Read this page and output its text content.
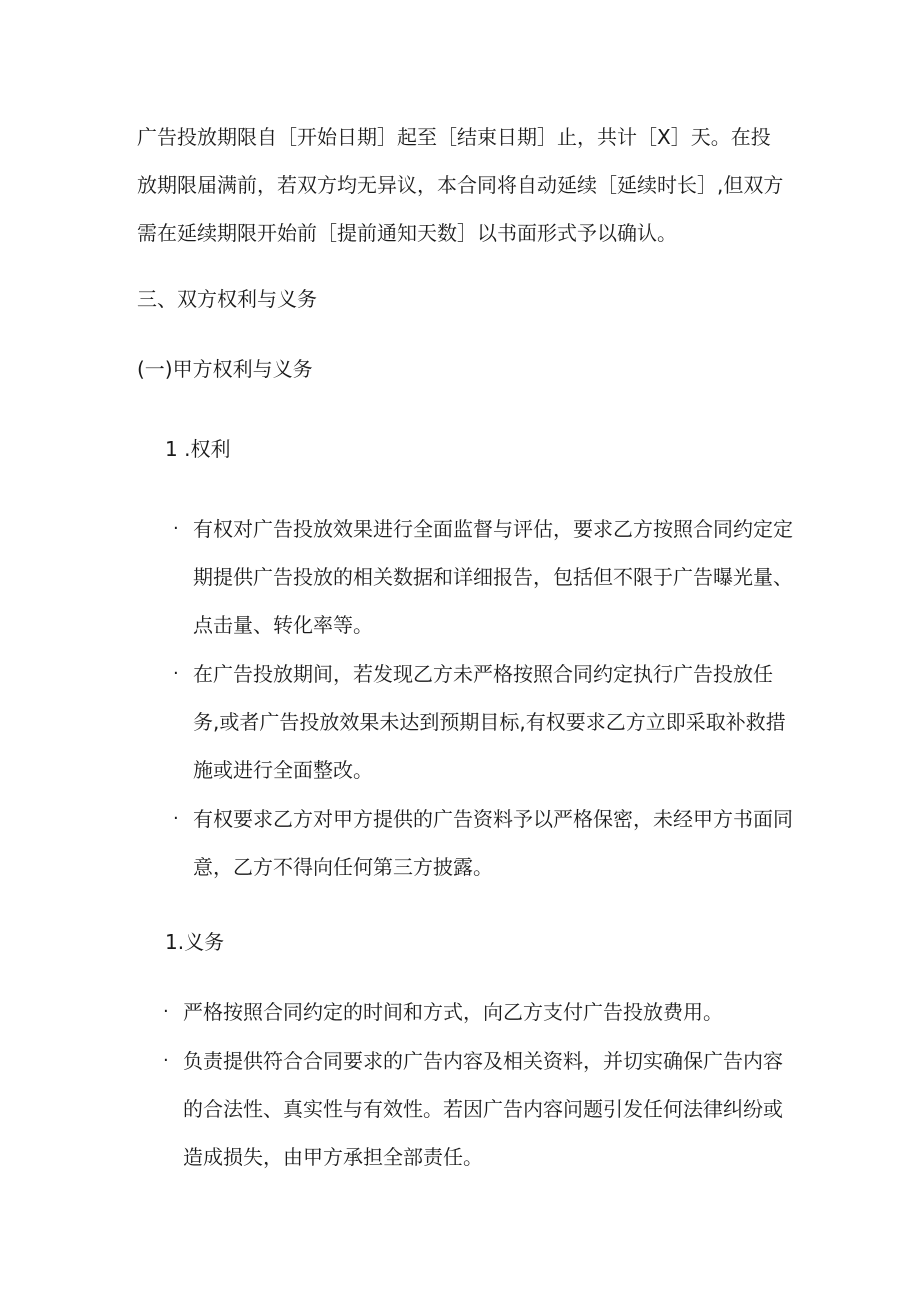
广告投放期限自［开始日期］起至［结束日期］止，共计［X］天。在投放期限届满前，若双方均无异议，本合同将自动延续［延续时长］,但双方需在延续期限开始前［提前通知天数］以书面形式予以确认。

三、双方权利与义务
(一)甲方权利与义务
1 .权利
· 有权对广告投放效果进行全面监督与评估，要求乙方按照合同约定定期提供广告投放的相关数据和详细报告，包括但不限于广告曝光量、点击量、转化率等。
· 在广告投放期间，若发现乙方未严格按照合同约定执行广告投放任务,或者广告投放效果未达到预期目标,有权要求乙方立即采取补救措施或进行全面整改。
· 有权要求乙方对甲方提供的广告资料予以严格保密，未经甲方书面同意，乙方不得向任何第三方披露。
1.义务
· 严格按照合同约定的时间和方式，向乙方支付广告投放费用。
· 负责提供符合合同要求的广告内容及相关资料，并切实确保广告内容的合法性、真实性与有效性。若因广告内容问题引发任何法律纠纷或造成损失，由甲方承担全部责任。
